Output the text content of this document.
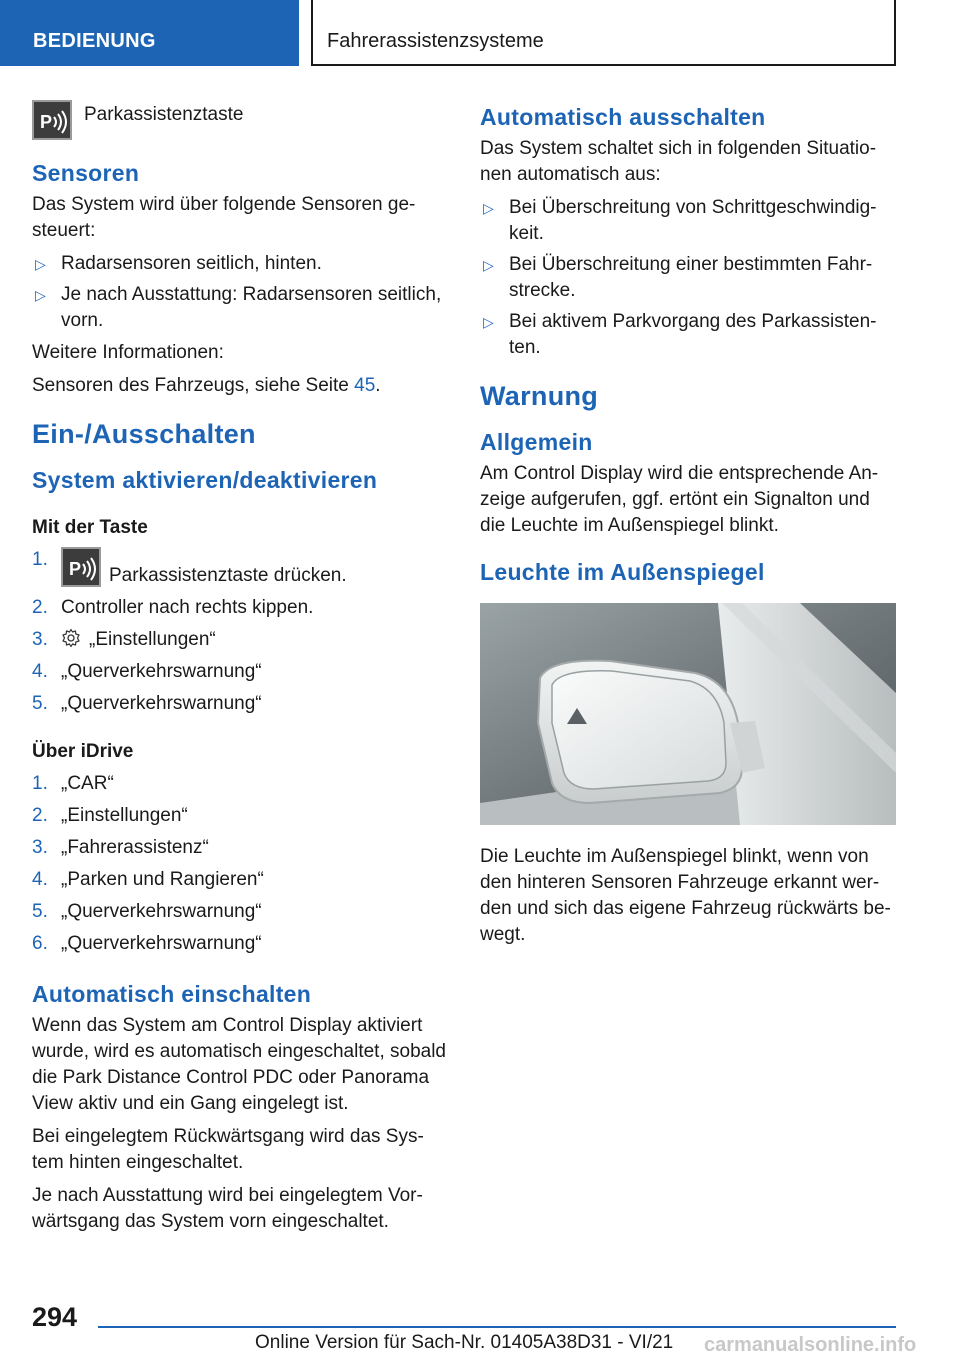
BEDIENUNG	Fahrerassistenzsysteme
P Parkassistenztaste
Sensoren

Das System wird über folgende Sensoren ge-steuert:

▷ Radarsensoren seitlich, hinten.
▷ Je nach Ausstattung: Radarsensoren seitlich, vorn.

Weitere Informationen:

Sensoren des Fahrzeugs, siehe Seite 45.

Ein-/Ausschalten
System aktivieren/deaktivieren
Mit der Taste
1. P Parkassistenztaste drücken.
2. Controller nach rechts kippen.
3. „Einstellungen“
4. „Querverkehrswarnung“
5. „Querverkehrswarnung“
Über iDrive
1. „CAR“
2. „Einstellungen“
3. „Fahrerassistenz“
4. „Parken und Rangieren“
5. „Querverkehrswarnung“
6. „Querverkehrswarnung“
Automatisch einschalten

Wenn das System am Control Display aktiviert wurde, wird es automatisch eingeschaltet, sobald die Park Distance Control PDC oder Panorama View aktiv und ein Gang eingelegt ist.

Bei eingelegtem Rückwärtsgang wird das Sys-tem hinten eingeschaltet.

Je nach Ausstattung wird bei eingelegtem Vor-wärtsgang das System vorn eingeschaltet.

Automatisch ausschalten

Das System schaltet sich in folgenden Situatio-nen automatisch aus:

▷ Bei Überschreitung von Schrittgeschwindig-keit.
▷ Bei Überschreitung einer bestimmten Fahr-strecke.
▷ Bei aktivem Parkvorgang des Parkassisten-ten.
Warnung
Allgemein

Am Control Display wird die entsprechende An-zeige aufgerufen, ggf. ertönt ein Signalton und die Leuchte im Außenspiegel blinkt.

Leuchte im Außenspiegel

Die Leuchte im Außenspiegel blinkt, wenn von den hinteren Sensoren Fahrzeuge erkannt wer-den und sich das eigene Fahrzeug rückwärts be-wegt.

294
Online Version für Sach-Nr. 01405A38D31 - VI/21 carmanualsonline.info
